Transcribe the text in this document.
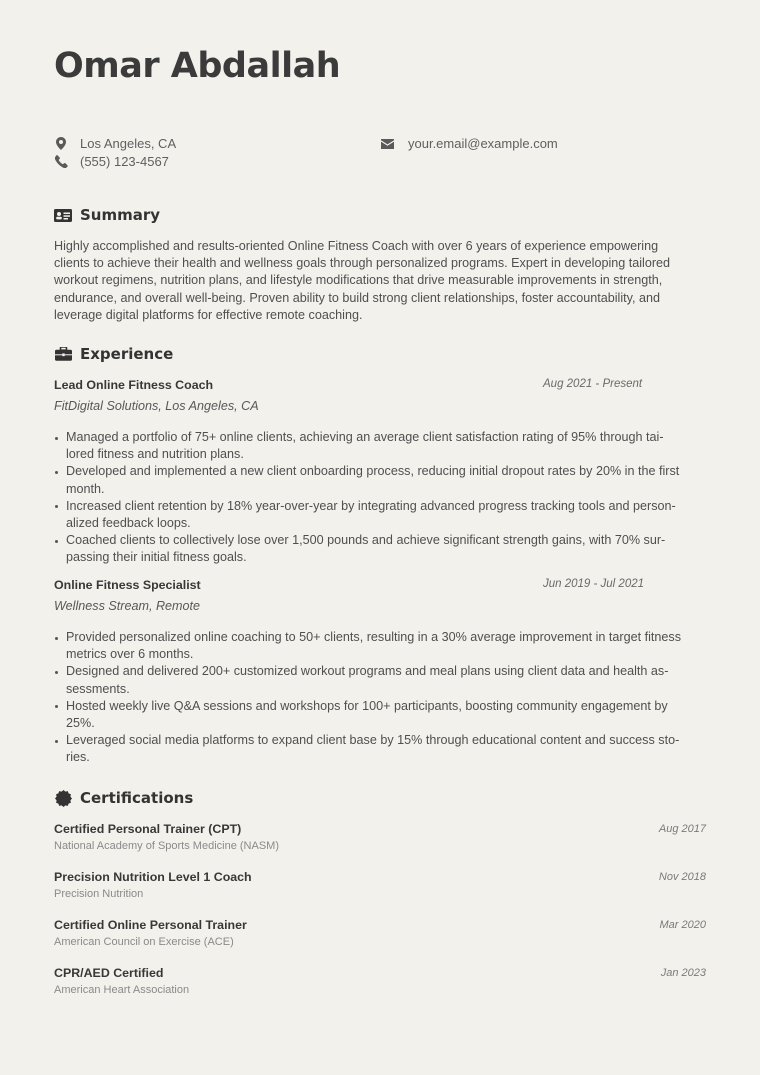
Omar Abdallah
Los Angeles, CA
(555) 123-4567
your.email@example.com
Summary
Highly accomplished and results-oriented Online Fitness Coach with over 6 years of experience empowering
clients to achieve their health and wellness goals through personalized programs. Expert in developing tailored
workout regimens, nutrition plans, and lifestyle modifications that drive measurable improvements in strength,
endurance, and overall well-being. Proven ability to build strong client relationships, foster accountability, and
leverage digital platforms for effective remote coaching.
Experience
Lead Online Fitness Coach	Aug 2021 - Present
FitDigital Solutions, Los Angeles, CA
Managed a portfolio of 75+ online clients, achieving an average client satisfaction rating of 95% through tai-
lored fitness and nutrition plans.
Developed and implemented a new client onboarding process, reducing initial dropout rates by 20% in the first
month.
Increased client retention by 18% year-over-year by integrating advanced progress tracking tools and person-
alized feedback loops.
Coached clients to collectively lose over 1,500 pounds and achieve significant strength gains, with 70% sur-
passing their initial fitness goals.
Online Fitness Specialist	Jun 2019 - Jul 2021
Wellness Stream, Remote
Provided personalized online coaching to 50+ clients, resulting in a 30% average improvement in target fitness
metrics over 6 months.
Designed and delivered 200+ customized workout programs and meal plans using client data and health as-
sessments.
Hosted weekly live Q&A sessions and workshops for 100+ participants, boosting community engagement by
25%.
Leveraged social media platforms to expand client base by 15% through educational content and success sto-
ries.
Certifications
Certified Personal Trainer (CPT)
National Academy of Sports Medicine (NASM)
Aug 2017
Precision Nutrition Level 1 Coach
Precision Nutrition
Nov 2018
Certified Online Personal Trainer
American Council on Exercise (ACE)
Mar 2020
CPR/AED Certified
American Heart Association
Jan 2023
